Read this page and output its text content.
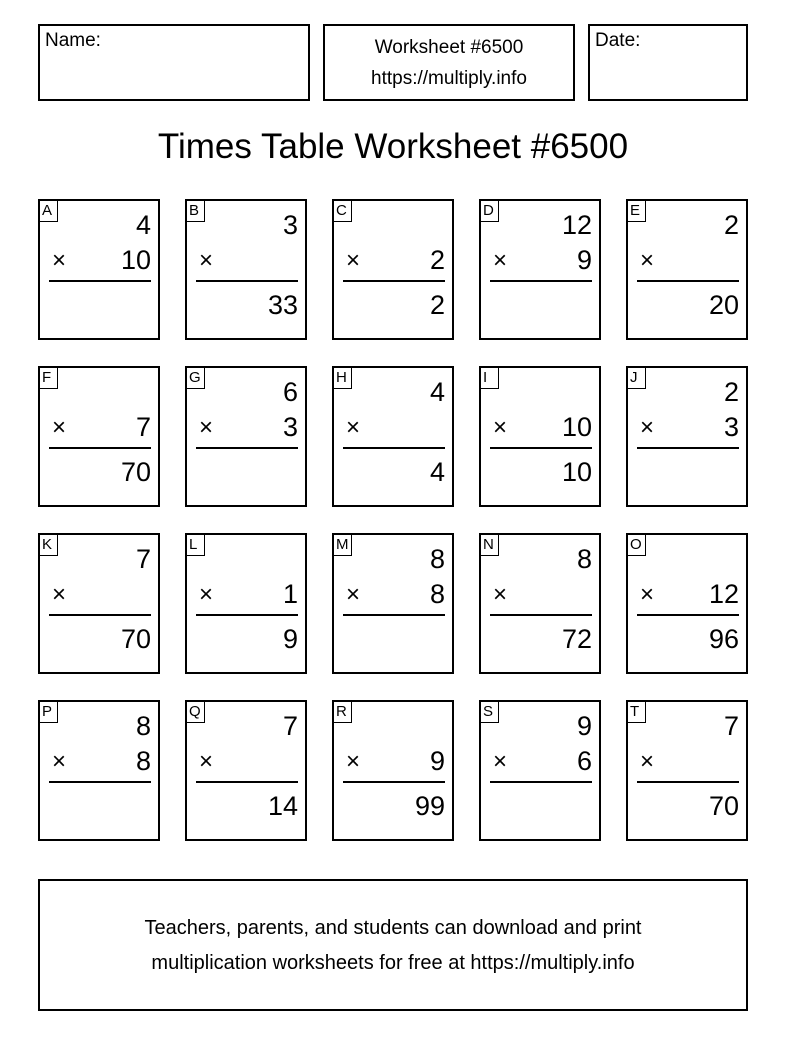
Name:	Worksheet #6500
https://multiply.info
Date:
Times Table Worksheet #6500
A	4
× 10
B	3
×
33
C
×	2
2
D	12
×	9
E	2
×
20
F
×	7
70
G	6
×	3
H	4
×
4
I
× 10
10
J	2
×	3
K	7
×
70
L
×	1
9
M	8
×	8
N	8
×
72
O
× 12
96
P	8
×	8
Q	7
×
14
R
×	9
99
S	9
×	6
T	7
×
70
Teachers, parents, and students can download and print
multiplication worksheets for free at https://multiply.info
